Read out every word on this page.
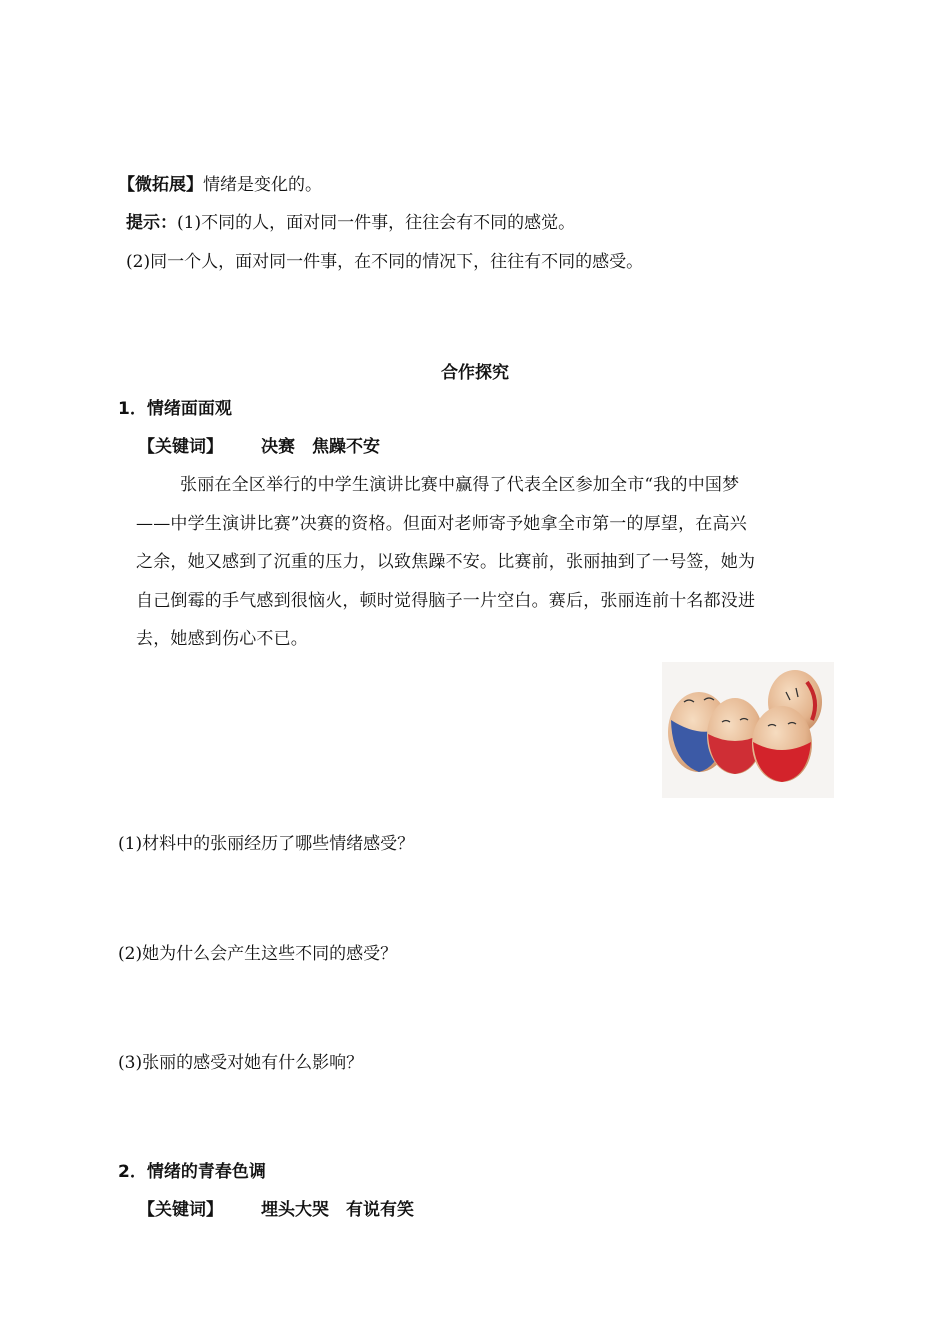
【微拓展】情绪是变化的。
提示：(1)不同的人，面对同一件事，往往会有不同的感觉。
(2)同一个人，面对同一件事，在不同的情况下，往往有不同的感受。
合作探究
1．情绪面面观
【关键词】 决赛　焦躁不安
张丽在全区举行的中学生演讲比赛中赢得了代表全区参加全市“我的中国梦——中学生演讲比赛”决赛的资格。但面对老师寄予她拿全市第一的厚望，在高兴之余，她又感到了沉重的压力，以致焦躁不安。比赛前，张丽抽到了一号签，她为自己倒霉的手气感到很恼火，顿时觉得脑子一片空白。赛后，张丽连前十名都没进去，她感到伤心不已。
(1)材料中的张丽经历了哪些情绪感受？
(2)她为什么会产生这些不同的感受？
(3)张丽的感受对她有什么影响？
2．情绪的青春色调
【关键词】 埋头大哭　有说有笑
